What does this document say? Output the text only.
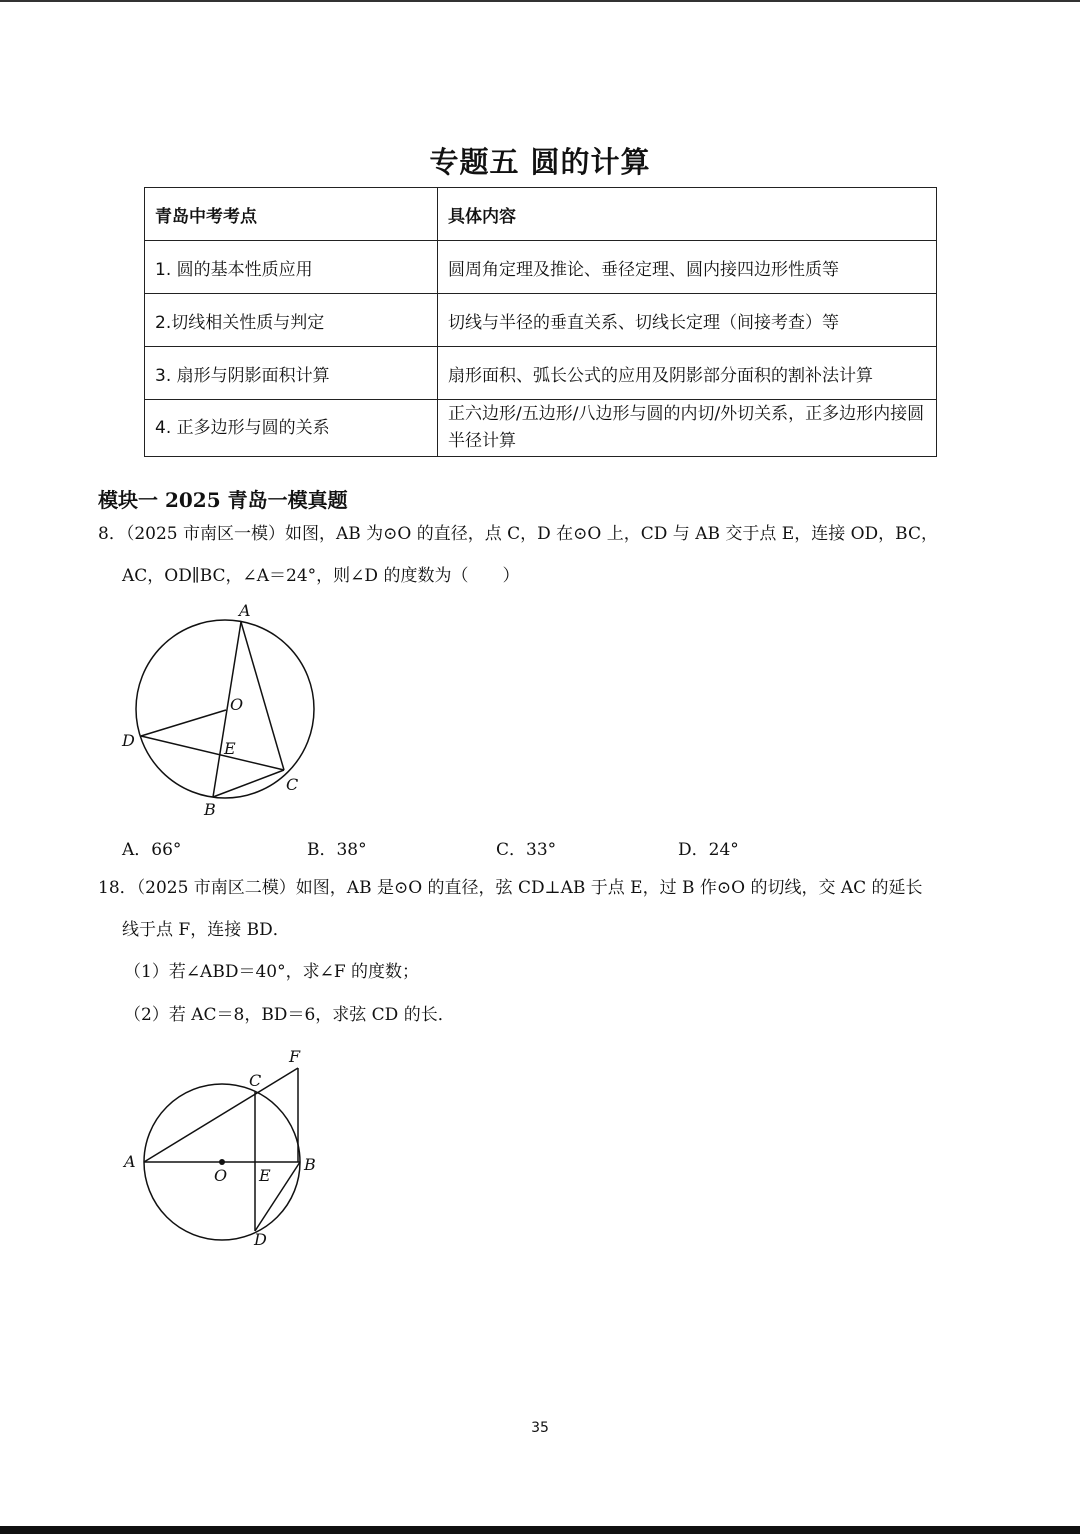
专题五 圆的计算
青岛中考考点	具体内容
1. 圆的基本性质应用	圆周角定理及推论、垂径定理、圆内接四边形性质等
2.切线相关性质与判定	切线与半径的垂直关系、切线长定理（间接考查）等
3. 扇形与阴影面积计算	扇形面积、弧长公式的应用及阴影部分面积的割补法计算
4. 正多边形与圆的关系	正六边形/五边形/八边形与圆的内切/外切关系，正多边形内接圆半径计算
模块一 2025 青岛一模真题
8．（2025 市南区一模）如图，AB 为⊙O 的直径，点 C，D 在⊙O 上，CD 与 AB 交于点 E，连接 OD，BC，
AC，OD∥BC，∠A＝24°，则∠D 的度数为（　　）
A
O
D	E
C
B
A．66°	B．38°	C．33°	D．24°
18．（2025 市南区二模）如图，AB 是⊙O 的直径，弦 CD⊥AB 于点 E，过 B 作⊙O 的切线，交 AC 的延长
线于点 F，连接 BD．
（1）若∠ABD＝40°，求∠F 的度数；
（2）若 AC＝8，BD＝6，求弦 CD 的长．
F
C
A
O E
B
D
35
